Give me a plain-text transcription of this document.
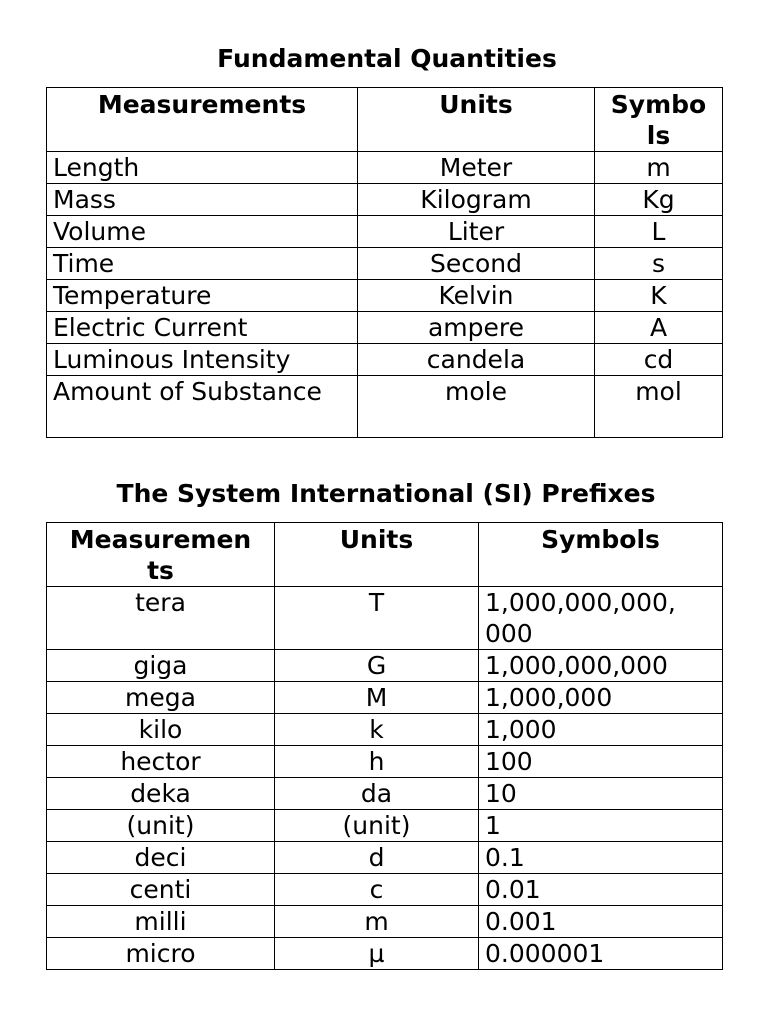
Fundamental Quantities
Measurements	Units	Symbo ls
Length	Meter	m
Mass	Kilogram	Kg
Volume	Liter	L
Time	Second	s
Temperature	Kelvin	K
Electric Current	ampere	A
Luminous Intensity	candela	cd
Amount of Substance	mole	mol
The System International (SI) Prefixes
Measuremen ts	Units	Symbols
tera	T	1,000,000,000, 000
giga	G	1,000,000,000
mega	M	1,000,000
kilo	k	1,000
hector	h	100
deka	da	10
(unit)	(unit)	1
deci	d	0.1
centi	c	0.01
milli	m	0.001
micro	µ	0.000001
